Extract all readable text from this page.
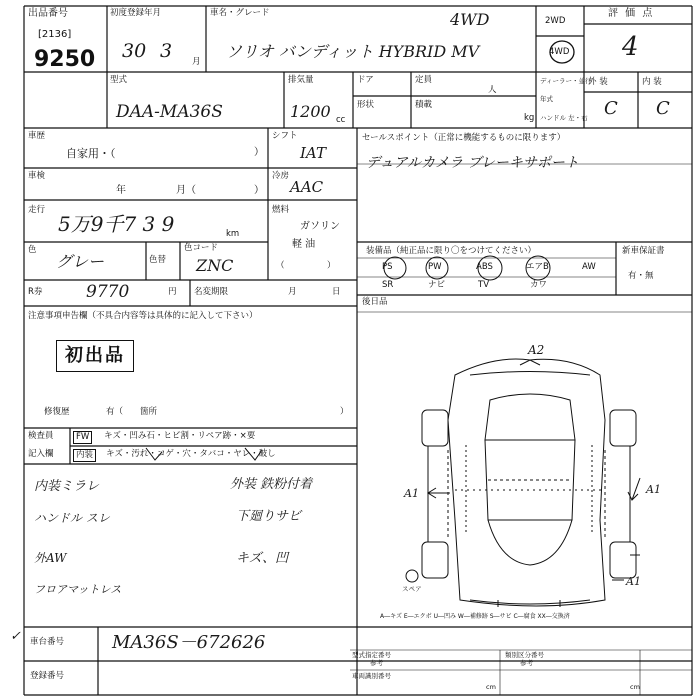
出品番号
[2136]
9250
初度登録年月
30 3 月
車名・グレード
ソリオ バンディット HYBRID MV
4WD	2WD
4WD
評 価 点
4
型式
DAA-MA36S
排気量
1200 cc
ドア	定員
人
形状	積載
kg
ディーラー・並行
年式
ハンドル 左・右
外 装	内 装
C C
車歴
自家用・（	）
シフト
IAT
車検
年	月（	）
冷房
AAC
走行
5万9千7 3 9	km
燃料
ガソリン
軽 油
（　　　　　）
色
グレー	色替
色コード
ZNC
R券	9770	円 名変期限	月	日
注意事項申告欄（不具合内容等は具体的に記入して下さい）
初出品
修復歴	有（ 箇所	）
検査員
記入欄
FW	キズ・凹み石・ヒビ割・リペア跡・×要
内装	キズ・汚れ・コゲ・穴・タバコ・ヤレ・破し
内装ミラレ	外装 鉄粉付着
ハンドル スレ	下廻りサビ
外AW	キズ、凹
フロアマットレス
セールスポイント（正常に機能するものに限ります）
デュアルカメラ ブレーキサポート
装備品（純正品に限り〇をつけてください）	新車保証書
有・無
PS	PW	ABS	エアB	AW
SR	ナビ	TV	カワ
後日品
A2
A1	A1
A1
スペア
A―キズ E―エクボ U―凹み W―補修跡 S―サビ C―腐食 XX―交換済
✓ 車台番号	MA36S－672626
登録番号
型式指定番号
参考
類別区分番号
参考
車両識別番号
cm	cm
